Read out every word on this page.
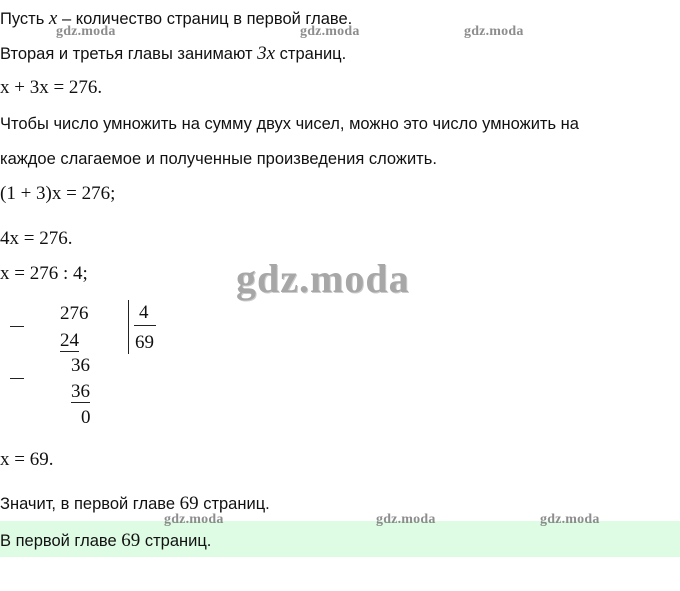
Пусть x – количество страниц в первой главе.
Вторая и третья главы занимают 3x страниц.
x + 3x = 276.
Чтобы число умножить на сумму двух чисел, можно это число умножить на
каждое слагаемое и полученные произведения сложить.
(1 + 3)x = 276;
4x = 276.
x = 276 : 4;
276
24
4
69
36
36
0
x = 69.
Значит, в первой главе 69 страниц.
В первой главе 69 страниц.
gdz.moda	gdz.moda	gdz.moda
gdz.moda
gdz.moda	gdz.moda	gdz.moda
